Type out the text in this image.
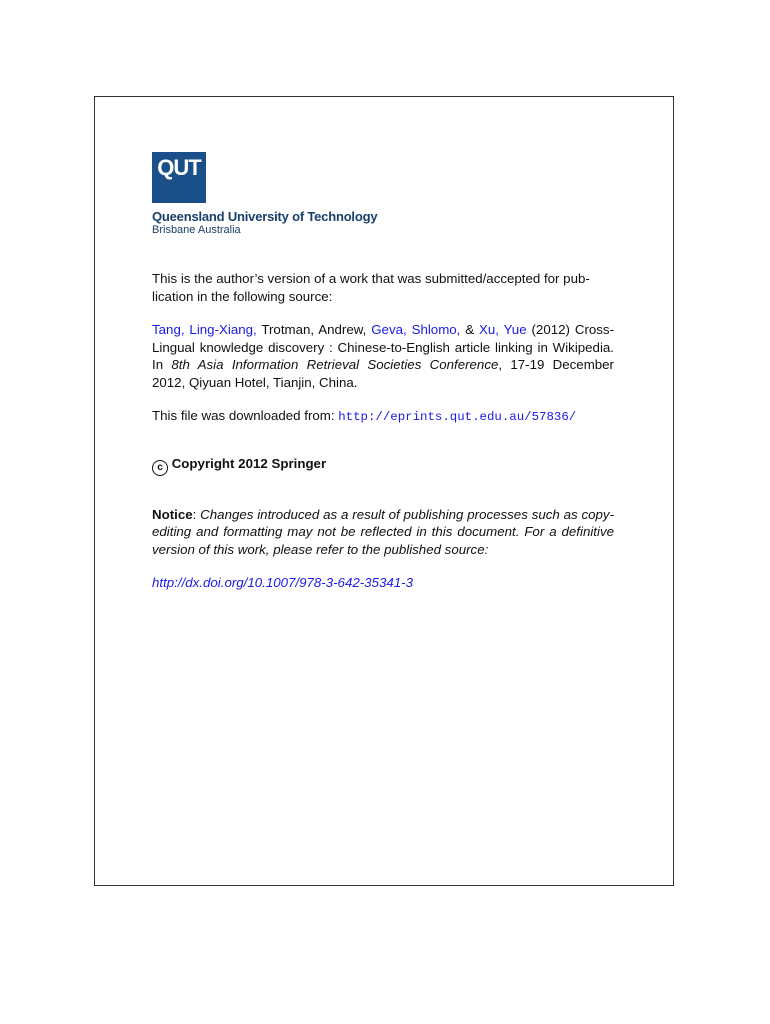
QUT
Queensland University of Technology
Brisbane Australia

This is the author’s version of a work that was submitted/accepted for pub-lication in the following source:

Tang, Ling-Xiang, Trotman, Andrew, Geva, Shlomo, & Xu, Yue (2012) Cross-Lingual knowledge discovery : Chinese-to-English article linking in Wikipedia. In 8th Asia Information Retrieval Societies Conference, 17-19 December 2012, Qiyuan Hotel, Tianjin, China.

This file was downloaded from: http://eprints.qut.edu.au/57836/

c Copyright 2012 Springer

Notice: Changes introduced as a result of publishing processes such as copy-editing and formatting may not be reflected in this document. For a definitive version of this work, please refer to the published source:

http://dx.doi.org/10.1007/978-3-642-35341-3
